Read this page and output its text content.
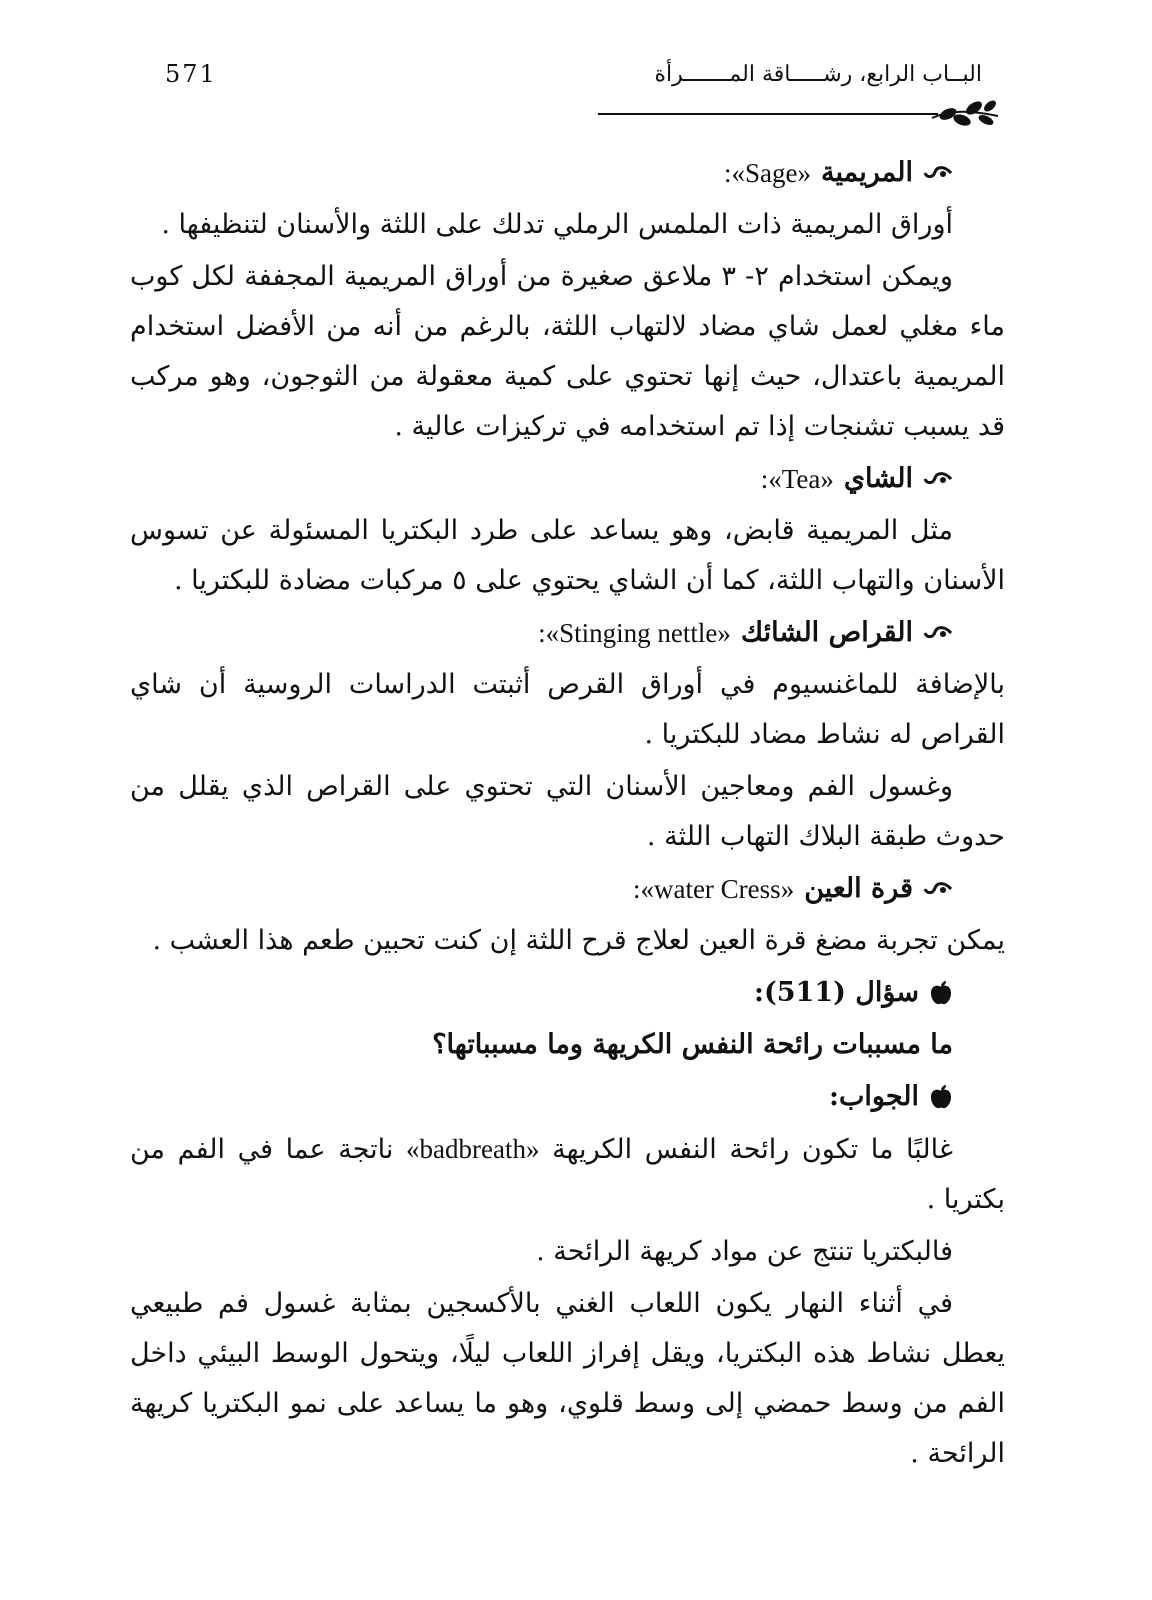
571	البــاب الرابع، رشـــــاقة المـــــــرأة

المريمية
«Sage»:

أوراق المريمية ذات الملمس الرملي تدلك على اللثة والأسنان لتنظيفها .

ويمكن استخدام ٢- ٣ ملاعق صغيرة من أوراق المريمية المجففة لكل كوب ماء مغلي لعمل شاي مضاد لالتهاب اللثة، بالرغم من أنه من الأفضل استخدام المريمية باعتدال، حيث إنها تحتوي على كمية معقولة من الثوجون، وهو مركب قد يسبب تشنجات إذا تم استخدامه في تركيزات عالية .

الشاي
«Tea»:

مثل المريمية قابض، وهو يساعد على طرد البكتريا المسئولة عن تسوس الأسنان والتهاب اللثة، كما أن الشاي يحتوي على ٥ مركبات مضادة للبكتريا .

القراص الشائك
«Stinging nettle»:

بالإضافة للماغنسيوم في أوراق القرص أثبتت الدراسات الروسية أن شاي القراص له نشاط مضاد للبكتريا .

وغسول الفم ومعاجين الأسنان التي تحتوي على القراص الذي يقلل من حدوث طبقة البلاك التهاب اللثة .

قرة العين
«water Cress»:

يمكن تجربة مضغ قرة العين لعلاج قرح اللثة إن كنت تحبين طعم هذا العشب .

سؤال (511):

ما مسببات رائحة النفس الكريهة وما مسبباتها؟

الجواب:

غالبًا ما تكون رائحة النفس الكريهة «badbreath» ناتجة عما في الفم من بكتريا .

فالبكتريا تنتج عن مواد كريهة الرائحة .

في أثناء النهار يكون اللعاب الغني بالأكسجين بمثابة غسول فم طبيعي يعطل نشاط هذه البكتريا، ويقل إفراز اللعاب ليلًا، ويتحول الوسط البيئي داخل الفم من وسط حمضي إلى وسط قلوي، وهو ما يساعد على نمو البكتريا كريهة الرائحة .
